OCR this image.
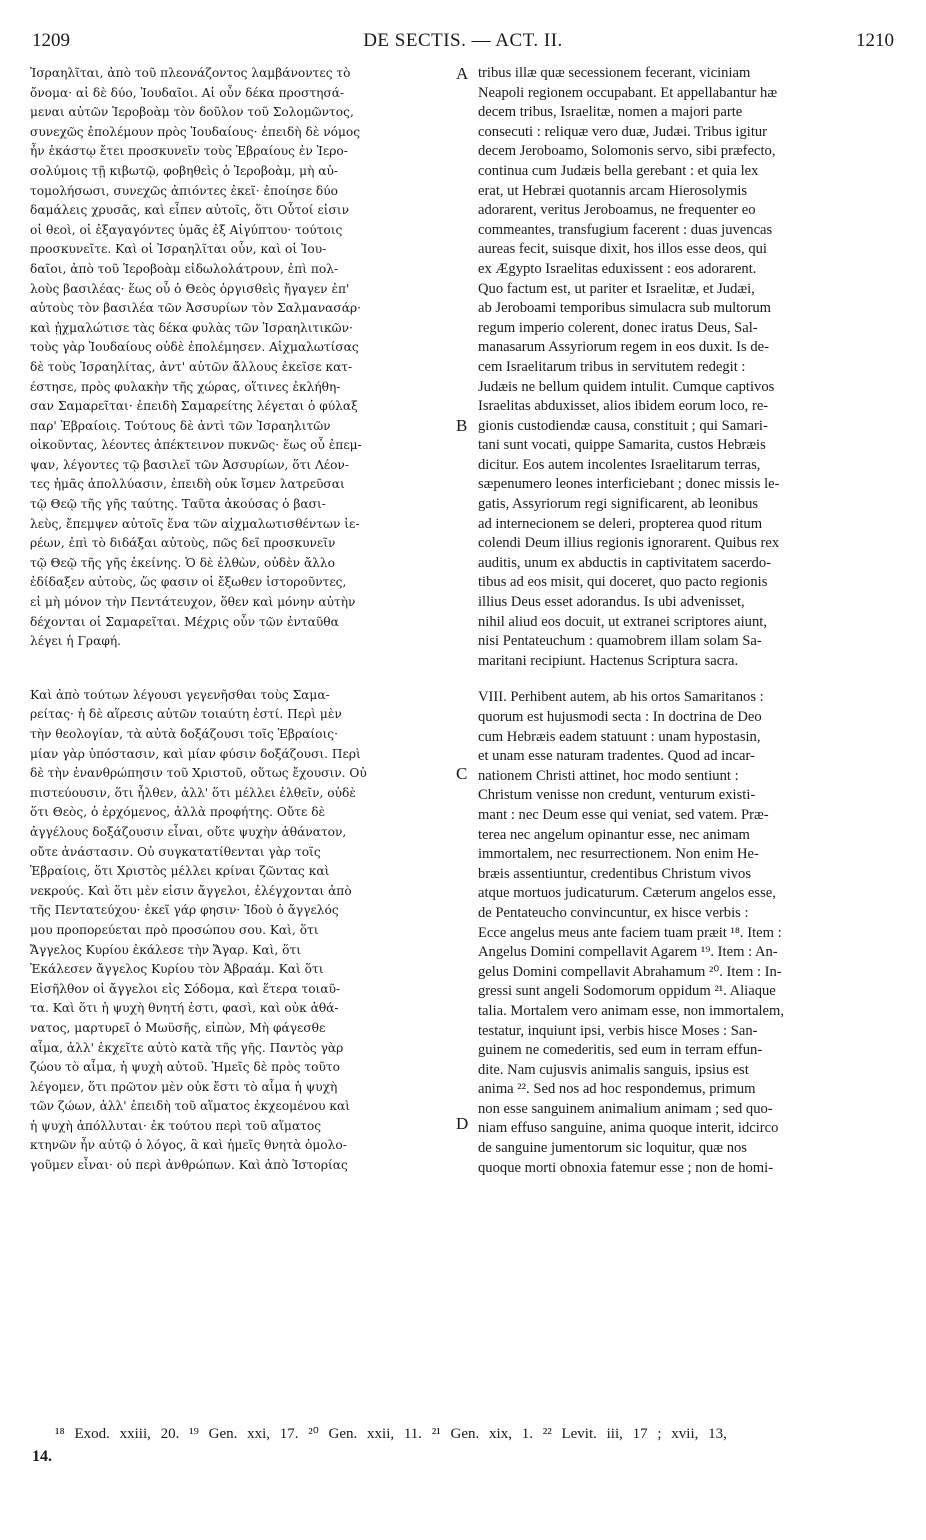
1209	DE SECTIS. — ACT. II.	1210
Ἰσραηλῖται, ἀπὸ τοῦ πλεονάζοντος λαμβάνοντες τὸ
ὄνομα· αἱ δὲ δύο, Ἰουδαῖοι. Αἱ οὖν δέκα προστησά-
μεναι αὐτῶν Ἱεροβοὰμ τὸν δοῦλον τοῦ Σολομῶντος,
συνεχῶς ἐπολέμουν πρὸς Ἰουδαίους· ἐπειδὴ δὲ νόμος
ἦν ἑκάστῳ ἔτει προσκυνεῖν τοὺς Ἑβραίους ἐν Ἱερο-
σολύμοις τῇ κιβωτῷ, φοβηθεὶς ὁ Ἱεροβοὰμ, μὴ αὐ-
τομολήσωσι, συνεχῶς ἀπιόντες ἐκεῖ· ἐποίησε δύο
δαμάλεις χρυσᾶς, καὶ εἶπεν αὐτοῖς, ὅτι Οὗτοί εἰσιν
οἱ θεοὶ, οἱ ἐξαγαγόντες ὑμᾶς ἐξ Αἰγύπτου· τούτοις
προσκυνεῖτε. Καὶ οἱ Ἰσραηλῖται οὖν, καὶ οἱ Ἰου-
δαῖοι, ἀπὸ τοῦ Ἱεροβοὰμ εἰδωλολάτρουν, ἐπὶ πολ-
λοὺς βασιλέας· ἕως οὗ ὁ Θεὸς ὀργισθεὶς ἤγαγεν ἐπ'
αὐτοὺς τὸν βασιλέα τῶν Ἀσσυρίων τὸν Σαλμανασάρ·
καὶ ᾐχμαλώτισε τὰς δέκα φυλὰς τῶν Ἰσραηλιτικῶν·
τοὺς γὰρ Ἰουδαίους οὐδὲ ἐπολέμησεν. Αἰχμαλωτίσας
δὲ τοὺς Ἰσραηλίτας, ἀντ' αὐτῶν ἄλλους ἐκεῖσε κατ-
έστησε, πρὸς φυλακὴν τῆς χώρας, οἵτινες ἐκλήθη-
σαν Σαμαρεῖται· ἐπειδὴ Σαμαρείτης λέγεται ὁ φύλαξ
παρ' Ἑβραίοις. Τούτους δὲ ἀντὶ τῶν Ἰσραηλιτῶν
οἰκοῦντας, λέοντες ἀπέκτεινον πυκνῶς· ἕως οὗ ἐπεμ-
ψαν, λέγοντες τῷ βασιλεῖ τῶν Ἀσσυρίων, ὅτι Λέον-
τες ἡμᾶς ἀπολλύασιν, ἐπειδὴ οὐκ ἴσμεν λατρεῦσαι
τῷ Θεῷ τῆς γῆς ταύτης. Ταῦτα ἀκούσας ὁ βασι-
λεὺς, ἔπεμψεν αὐτοῖς ἕνα τῶν αἰχμαλωτισθέντων ἱε-
ρέων, ἐπὶ τὸ διδάξαι αὐτοὺς, πῶς δεῖ προσκυνεῖν
τῷ Θεῷ τῆς γῆς ἐκείνης. Ὁ δὲ ἐλθὼν, οὐδὲν ἄλλο
ἐδίδαξεν αὐτοὺς, ὥς φασιν οἱ ἔξωθεν ἱστοροῦντες,
εἰ μὴ μόνον τὴν Πεντάτευχον, ὅθεν καὶ μόνην αὐτὴν
δέχονται οἱ Σαμαρεῖται. Μέχρις οὖν τῶν ἐνταῦθα
λέγει ἡ Γραφή.
Καὶ ἀπὸ τούτων λέγουσι γεγενῆσθαι τοὺς Σαμα-
ρείτας· ἡ δὲ αἵρεσις αὐτῶν τοιαύτη ἐστί. Περὶ μὲν
τὴν θεολογίαν, τὰ αὐτὰ δοξάζουσι τοῖς Ἑβραίοις·
μίαν γὰρ ὑπόστασιν, καὶ μίαν φύσιν δοξάζουσι. Περὶ
δὲ τὴν ἐνανθρώπησιν τοῦ Χριστοῦ, οὕτως ἔχουσιν. Οὐ
πιστεύουσιν, ὅτι ἦλθεν, ἀλλ' ὅτι μέλλει ἐλθεῖν, οὐδὲ
ὅτι Θεὸς, ὁ ἐρχόμενος, ἀλλὰ προφήτης. Οὔτε δὲ
ἀγγέλους δοξάζουσιν εἶναι, οὔτε ψυχὴν ἀθάνατον,
οὔτε ἀνάστασιν. Οὐ συγκατατίθενται γὰρ τοῖς
Ἑβραίοις, ὅτι Χριστὸς μέλλει κρίναι ζῶντας καὶ
νεκρούς. Καὶ ὅτι μὲν εἰσιν ἄγγελοι, ἐλέγχονται ἀπὸ
τῆς Πεντατεύχου· ἐκεῖ γάρ φησιν· Ἰδοὺ ὁ ἄγγελός
μου προπορεύεται πρὸ προσώπου σου. Καὶ, ὅτι
Ἄγγελος Κυρίου ἐκάλεσε τὴν Ἄγαρ. Καὶ, ὅτι
Ἐκάλεσεν ἄγγελος Κυρίου τὸν Ἀβραάμ. Καὶ ὅτι
Εἰσῆλθον οἱ ἄγγελοι εἰς Σόδομα, καὶ ἕτερα τοιαῦ-
τα. Καὶ ὅτι ἡ ψυχὴ θνητή ἐστι, φασὶ, καὶ οὐκ ἀθά-
νατος, μαρτυρεῖ ὁ Μωϋσῆς, εἰπὼν, Μὴ φάγεσθε
αἷμα, ἀλλ' ἐκχεῖτε αὐτὸ κατὰ τῆς γῆς. Παντὸς γὰρ
ζώου τὸ αἷμα, ἡ ψυχὴ αὐτοῦ. Ἡμεῖς δὲ πρὸς τοῦτο
λέγομεν, ὅτι πρῶτον μὲν οὐκ ἔστι τὸ αἷμα ἡ ψυχὴ
τῶν ζώων, ἀλλ' ἐπειδὴ τοῦ αἵματος ἐκχεομένου καὶ
ἡ ψυχὴ ἀπόλλυται· ἐκ τούτου περὶ τοῦ αἵματος
κτηνῶν ἦν αὐτῷ ὁ λόγος, ἃ καὶ ἡμεῖς θνητὰ ὁμολο-
γοῦμεν εἶναι· οὐ περὶ ἀνθρώπων. Καὶ ἀπὸ Ἱστορίας
tribus illæ quæ secessionem fecerant, viciniam
Neapoli regionem occupabant. Et appellabantur hæ
decem tribus, Israelitæ, nomen a majori parte
consecuti : reliquæ vero duæ, Judæi. Tribus igitur
decem Jeroboamo, Solomonis servo, sibi præfecto,
continua cum Judæis bella gerebant : et quia lex
erat, ut Hebræi quotannis arcam Hierosolymis
adorarent, veritus Jeroboamus, ne frequenter eo
commeantes, transfugium facerent : duas juvencas
aureas fecit, suisque dixit, hos illos esse deos, qui
ex Ægypto Israelitas eduxissent : eos adorarent.
Quo factum est, ut pariter et Israelitæ, et Judæi,
ab Jeroboami temporibus simulacra sub multorum
regum imperio colerent, donec iratus Deus, Sal-
manasarum Assyriorum regem in eos duxit. Is de-
cem Israelitarum tribus in servitutem redegit :
Judæis ne bellum quidem intulit. Cumque captivos
Israelitas abduxisset, alios ibidem eorum loco, re-
gionis custodiendæ causa, constituit ; qui Samari-
tani sunt vocati, quippe Samarita, custos Hebræis
dicitur. Eos autem incolentes Israelitarum terras,
sæpenumero leones interficiebant ; donec missis le-
gatis, Assyriorum regi significarent, ab leonibus
ad internecionem se deleri, propterea quod ritum
colendi Deum illius regionis ignorarent. Quibus rex
auditis, unum ex abductis in captivitatem sacerdo-
tibus ad eos misit, qui doceret, quo pacto regionis
illius Deus esset adorandus. Is ubi advenisset,
nihil aliud eos docuit, ut extranei scriptores aiunt,
nisi Pentateuchum : quamobrem illam solam Sa-
maritani recipiunt. Hactenus Scriptura sacra.
VIII. Perhibent autem, ab his ortos Samaritanos :
quorum est hujusmodi secta : In doctrina de Deo
cum Hebræis eadem statuunt : unam hypostasin,
et unam esse naturam tradentes. Quod ad incar-
nationem Christi attinet, hoc modo sentiunt :
Christum venisse non credunt, venturum existi-
mant : nec Deum esse qui veniat, sed vatem. Præ-
terea nec angelum opinantur esse, nec animam
immortalem, nec resurrectionem. Non enim He-
bræis assentiuntur, credentibus Christum vivos
atque mortuos judicaturum. Cæterum angelos esse,
de Pentateucho convincuntur, ex hisce verbis :
Ecce angelus meus ante faciem tuam præit ¹⁸. Item :
Angelus Domini compellavit Agarem ¹⁹. Item : An-
gelus Domini compellavit Abrahamum ²⁰. Item : In-
gressi sunt angeli Sodomorum oppidum ²¹. Aliaque
talia. Mortalem vero animam esse, non immortalem,
testatur, inquiunt ipsi, verbis hisce Moses : San-
guinem ne comederitis, sed eum in terram effun-
dite. Nam cujusvis animalis sanguis, ipsius est
anima ²². Sed nos ad hoc respondemus, primum
non esse sanguinem animalium animam ; sed quo-
niam effuso sanguine, anima quoque interit, idcirco
de sanguine jumentorum sic loquitur, quæ nos
quoque morti obnoxia fatemur esse ; non de homi-
A
B
C
D
¹⁸ Exod. xxiii, 20. ¹⁹ Gen. xxi, 17. ²⁰ Gen. xxii, 11. ²¹ Gen. xix, 1. ²² Levit. iii, 17 ; xvii, 13,
14.
